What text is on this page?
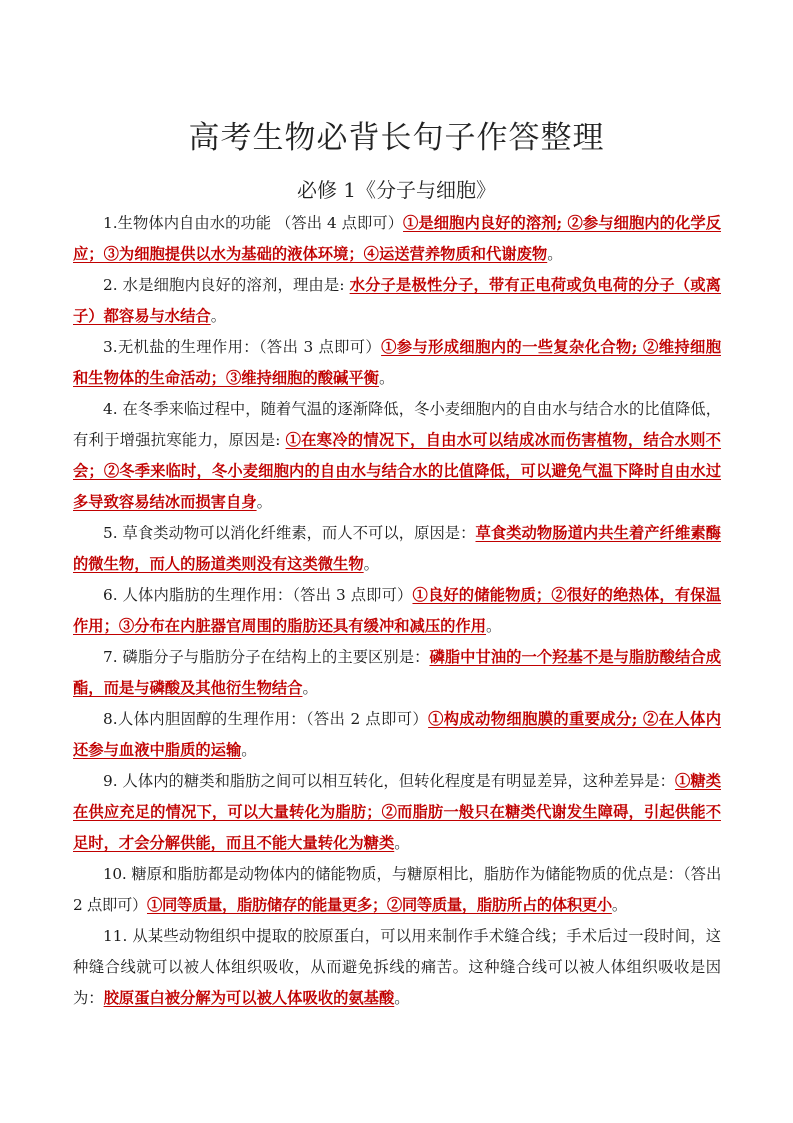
高考生物必背长句子作答整理
必修 1《分子与细胞》

1.生物体内自由水的功能 （答出 4 点即可）①是细胞内良好的溶剂; ②参与细胞内的化学反应；③为细胞提供以水为基础的液体环境；④运送营养物质和代谢废物。

2. 水是细胞内良好的溶剂，理由是: 水分子是极性分子，带有正电荷或负电荷的分子（或离子）都容易与水结合。

3.无机盐的生理作用：（答出 3 点即可）①参与形成细胞内的一些复杂化合物; ②维持细胞和生物体的生命活动；③维持细胞的酸碱平衡。

4. 在冬季来临过程中，随着气温的逐渐降低，冬小麦细胞内的自由水与结合水的比值降低，有利于增强抗寒能力，原因是: ①在寒冷的情况下，自由水可以结成冰而伤害植物，结合水则不会；②冬季来临时，冬小麦细胞内的自由水与结合水的比值降低，可以避免气温下降时自由水过多导致容易结冰而损害自身。

5. 草食类动物可以消化纤维素，而人不可以，原因是：草食类动物肠道内共生着产纤维素酶的微生物，而人的肠道类则没有这类微生物。

6. 人体内脂肪的生理作用：（答出 3 点即可）①良好的储能物质；②很好的绝热体，有保温作用；③分布在内脏器官周围的脂肪还具有缓冲和减压的作用。

7. 磷脂分子与脂肪分子在结构上的主要区别是：磷脂中甘油的一个羟基不是与脂肪酸结合成酯，而是与磷酸及其他衍生物结合。

8.人体内胆固醇的生理作用：（答出 2 点即可）①构成动物细胞膜的重要成分; ②在人体内还参与血液中脂质的运输。

9. 人体内的糖类和脂肪之间可以相互转化，但转化程度是有明显差异，这种差异是：①糖类在供应充足的情况下，可以大量转化为脂肪；②而脂肪一般只在糖类代谢发生障碍，引起供能不足时，才会分解供能，而且不能大量转化为糖类。

10. 糖原和脂肪都是动物体内的储能物质，与糖原相比，脂肪作为储能物质的优点是：（答出 2 点即可）①同等质量，脂肪储存的能量更多；②同等质量，脂肪所占的体积更小。

11. 从某些动物组织中提取的胶原蛋白，可以用来制作手术缝合线；手术后过一段时间，这种缝合线就可以被人体组织吸收，从而避免拆线的痛苦。这种缝合线可以被人体组织吸收是因为：胶原蛋白被分解为可以被人体吸收的氨基酸。
